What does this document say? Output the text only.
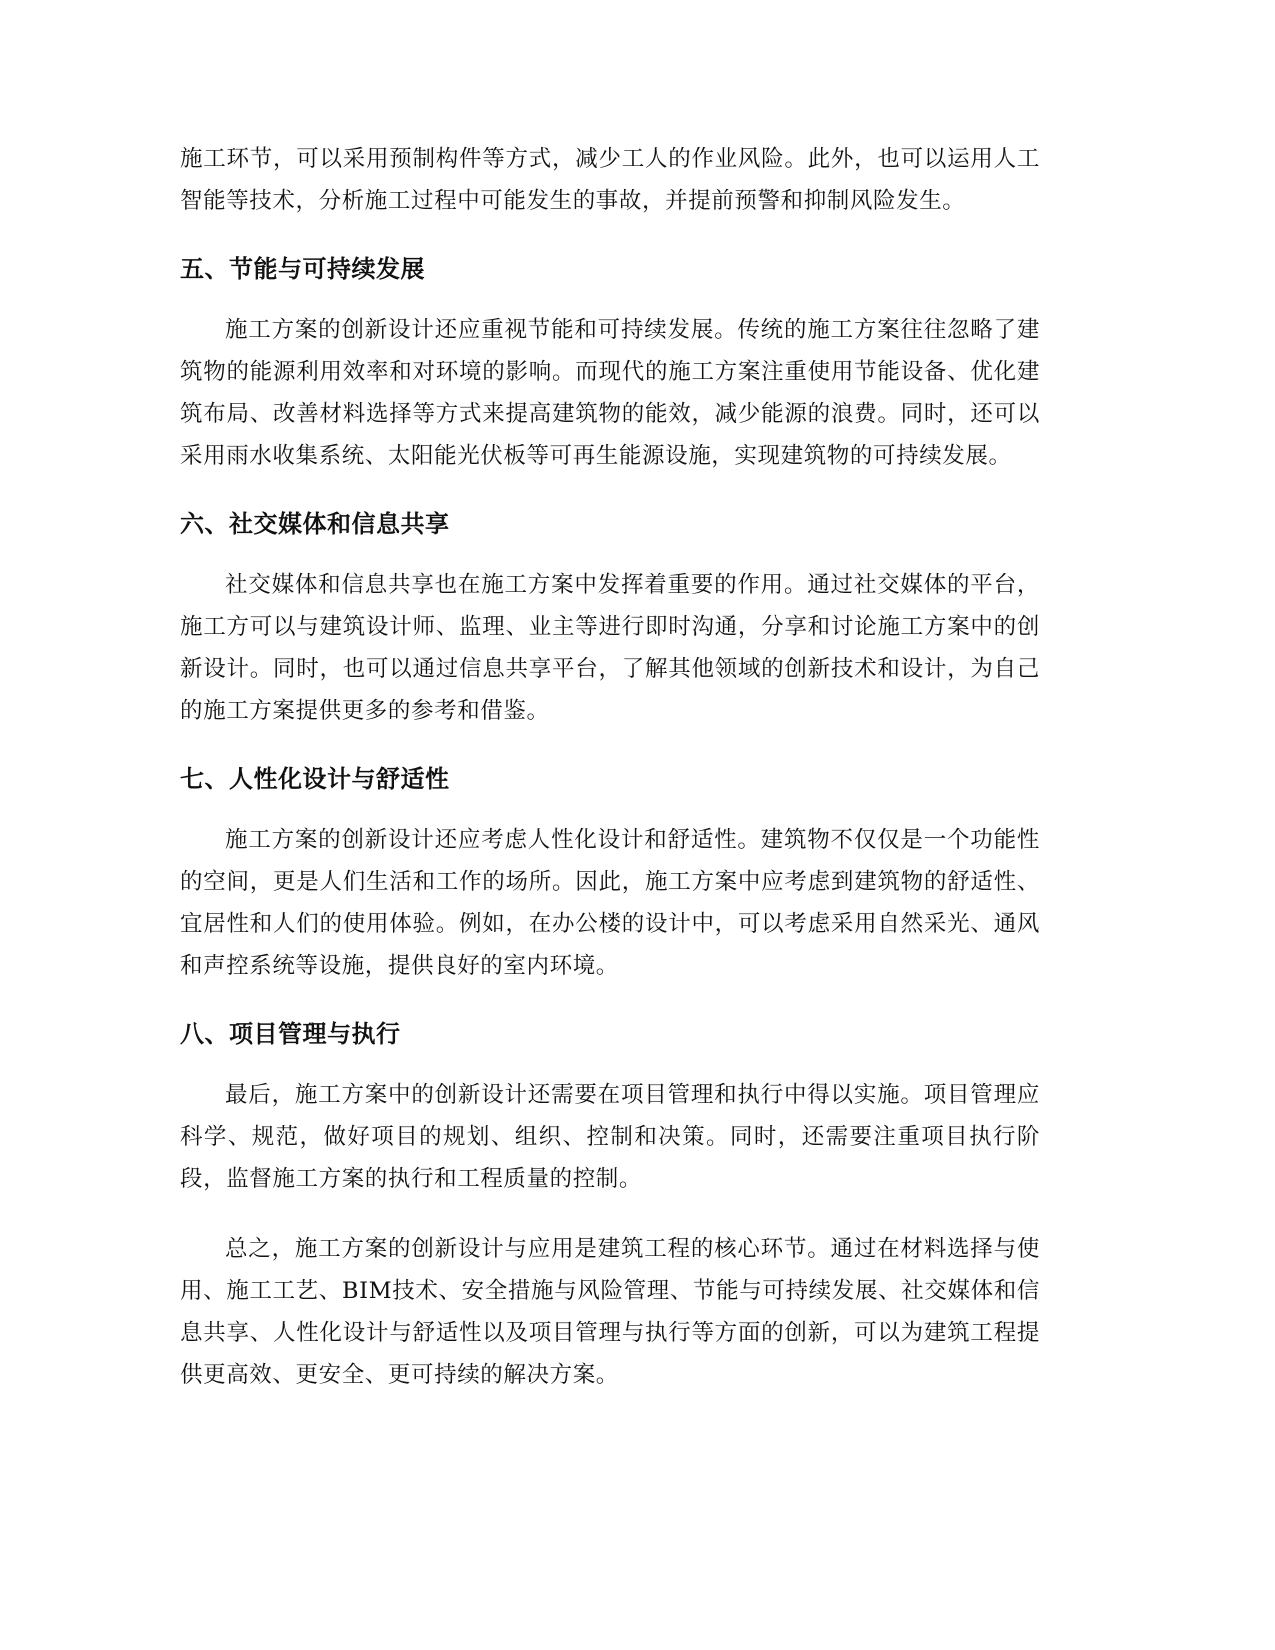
施工环节，可以采用预制构件等方式，减少工人的作业风险。此外，也可以运用人工智能等技术，分析施工过程中可能发生的事故，并提前预警和抑制风险发生。

五、节能与可持续发展

施工方案的创新设计还应重视节能和可持续发展。传统的施工方案往往忽略了建筑物的能源利用效率和对环境的影响。而现代的施工方案注重使用节能设备、优化建筑布局、改善材料选择等方式来提高建筑物的能效，减少能源的浪费。同时，还可以采用雨水收集系统、太阳能光伏板等可再生能源设施，实现建筑物的可持续发展。

六、社交媒体和信息共享

社交媒体和信息共享也在施工方案中发挥着重要的作用。通过社交媒体的平台，施工方可以与建筑设计师、监理、业主等进行即时沟通，分享和讨论施工方案中的创新设计。同时，也可以通过信息共享平台，了解其他领域的创新技术和设计，为自己的施工方案提供更多的参考和借鉴。

七、人性化设计与舒适性

施工方案的创新设计还应考虑人性化设计和舒适性。建筑物不仅仅是一个功能性的空间，更是人们生活和工作的场所。因此，施工方案中应考虑到建筑物的舒适性、宜居性和人们的使用体验。例如，在办公楼的设计中，可以考虑采用自然采光、通风和声控系统等设施，提供良好的室内环境。

八、项目管理与执行

最后，施工方案中的创新设计还需要在项目管理和执行中得以实施。项目管理应科学、规范，做好项目的规划、组织、控制和决策。同时，还需要注重项目执行阶段，监督施工方案的执行和工程质量的控制。

总之，施工方案的创新设计与应用是建筑工程的核心环节。通过在材料选择与使用、施工工艺、BIM技术、安全措施与风险管理、节能与可持续发展、社交媒体和信息共享、人性化设计与舒适性以及项目管理与执行等方面的创新，可以为建筑工程提供更高效、更安全、更可持续的解决方案。
